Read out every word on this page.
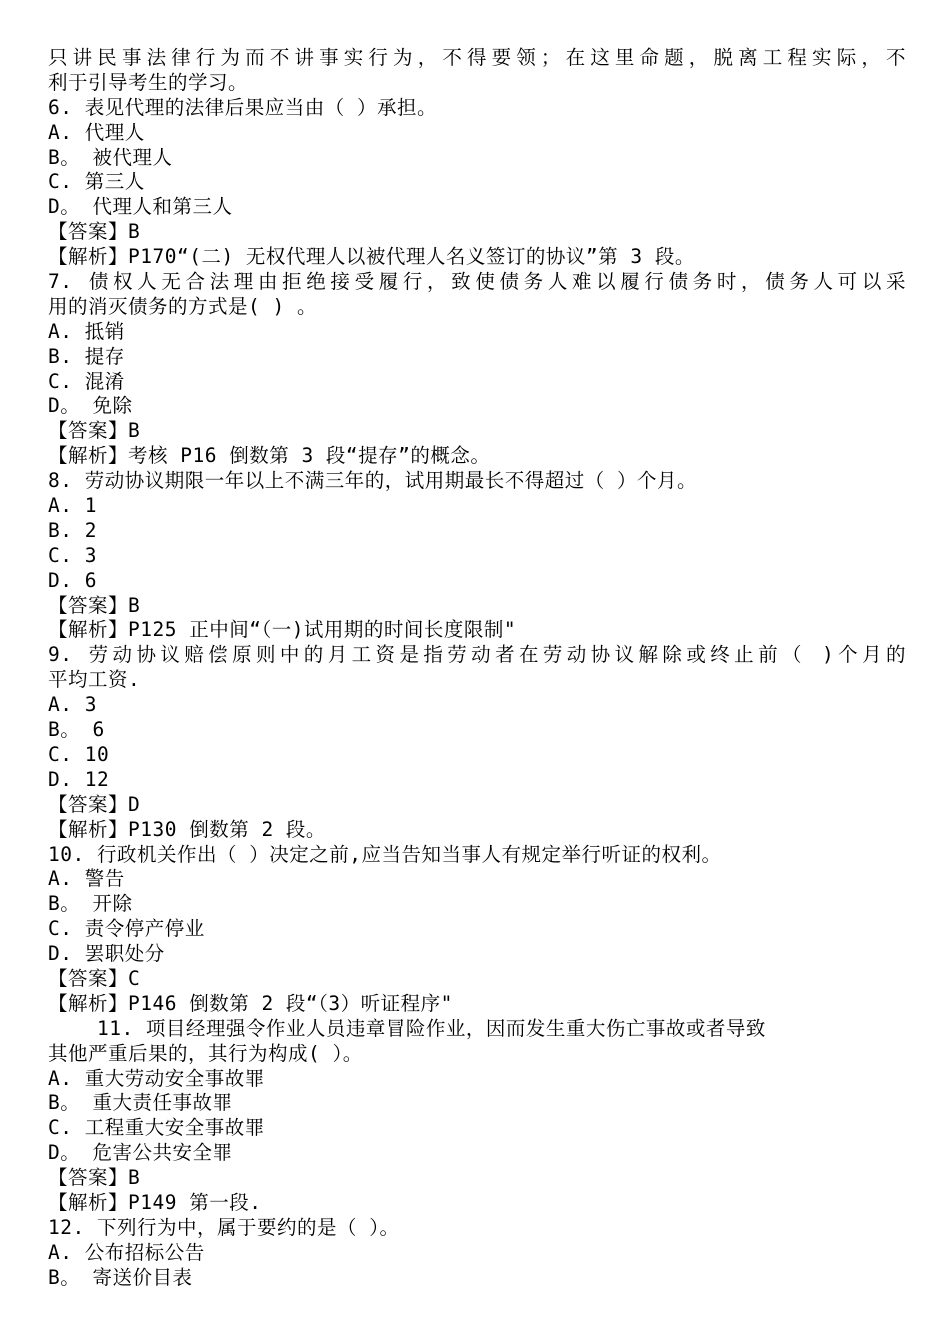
只讲民事法律行为而不讲事实行为，不得要领；在这里命题，脱离工程实际，不
利于引导考生的学习。
6. 表见代理的法律后果应当由（ ）承担。
A. 代理人
B。 被代理人
C. 第三人
D。 代理人和第三人
【答案】B
【解析】P170“(二) 无权代理人以被代理人名义签订的协议”第 3 段。
7. 债权人无合法理由拒绝接受履行，致使债务人难以履行债务时，债务人可以采
用的消灭债务的方式是( ) 。
A. 抵销
B. 提存
C. 混淆
D。 免除
【答案】B
【解析】考核 P16 倒数第 3 段“提存”的概念。
8. 劳动协议期限一年以上不满三年的，试用期最长不得超过（ ）个月。
A. 1
B. 2
C. 3
D. 6
【答案】B
【解析】P125 正中间“（一)试用期的时间长度限制"
9. 劳动协议赔偿原则中的月工资是指劳动者在劳动协议解除或终止前（ )个月的
平均工资.
A. 3
B。 6
C. 10
D. 12
【答案】D
【解析】P130 倒数第 2 段。
10. 行政机关作出（ ）决定之前,应当告知当事人有规定举行听证的权利。
A. 警告
B。 开除
C. 责令停产停业
D. 罢职处分
【答案】C
【解析】P146 倒数第 2 段“（3）听证程序"
11. 项目经理强令作业人员违章冒险作业，因而发生重大伤亡事故或者导致
其他严重后果的，其行为构成( ）。
A. 重大劳动安全事故罪
B。 重大责任事故罪
C. 工程重大安全事故罪
D。 危害公共安全罪
【答案】B
【解析】P149 第一段.
12. 下列行为中，属于要约的是（ ）。
A. 公布招标公告
B。 寄送价目表
